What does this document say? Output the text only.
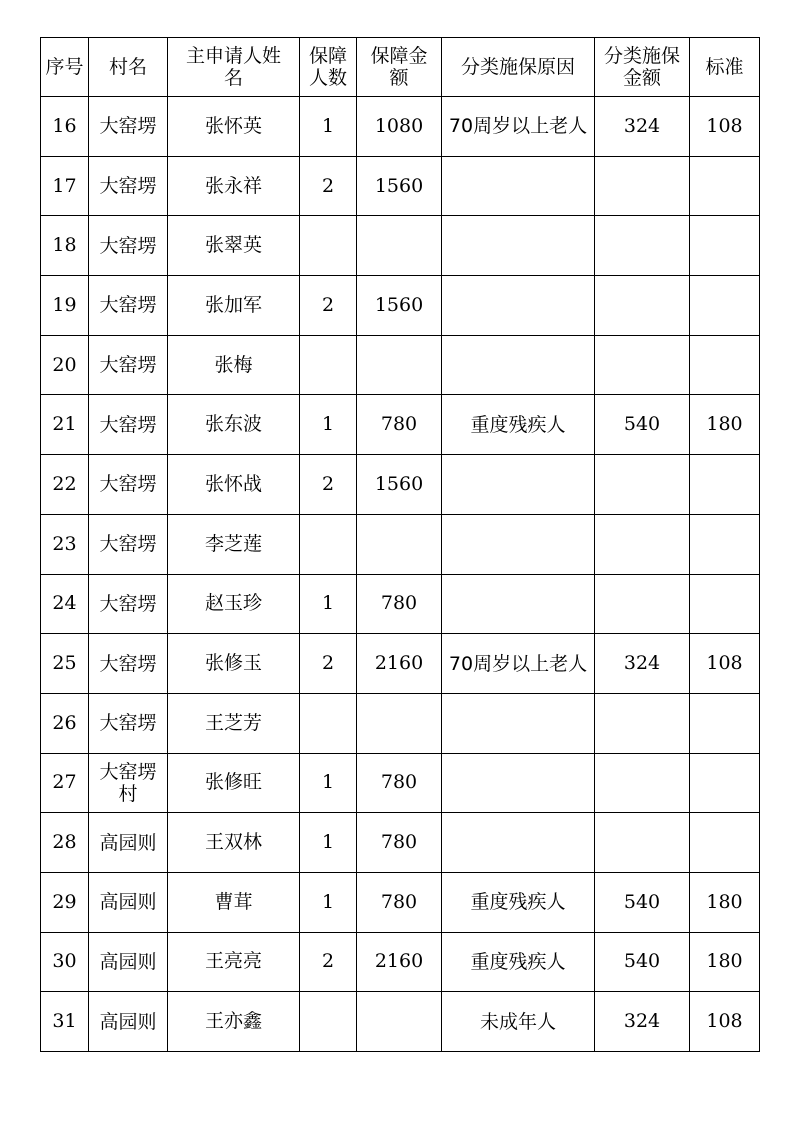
序号	村名	主申请人姓名	保障人数	保障金额	分类施保原因	分类施保金额	标准
16	大窑塄	张怀英	1	1080	70周岁以上老人	324	108
17	大窑塄	张永祥	2	1560			
18	大窑塄	张翠英					
19	大窑塄	张加军	2	1560			
20	大窑塄	张梅					
21	大窑塄	张东波	1	780	重度残疾人	540	180
22	大窑塄	张怀战	2	1560			
23	大窑塄	李芝莲					
24	大窑塄	赵玉珍	1	780			
25	大窑塄	张修玉	2	2160	70周岁以上老人	324	108
26	大窑塄	王芝芳					
27	大窑塄村	张修旺	1	780			
28	高园则	王双林	1	780			
29	高园则	曹茸	1	780	重度残疾人	540	180
30	高园则	王亮亮	2	2160	重度残疾人	540	180
31	高园则	王亦鑫			未成年人	324	108
